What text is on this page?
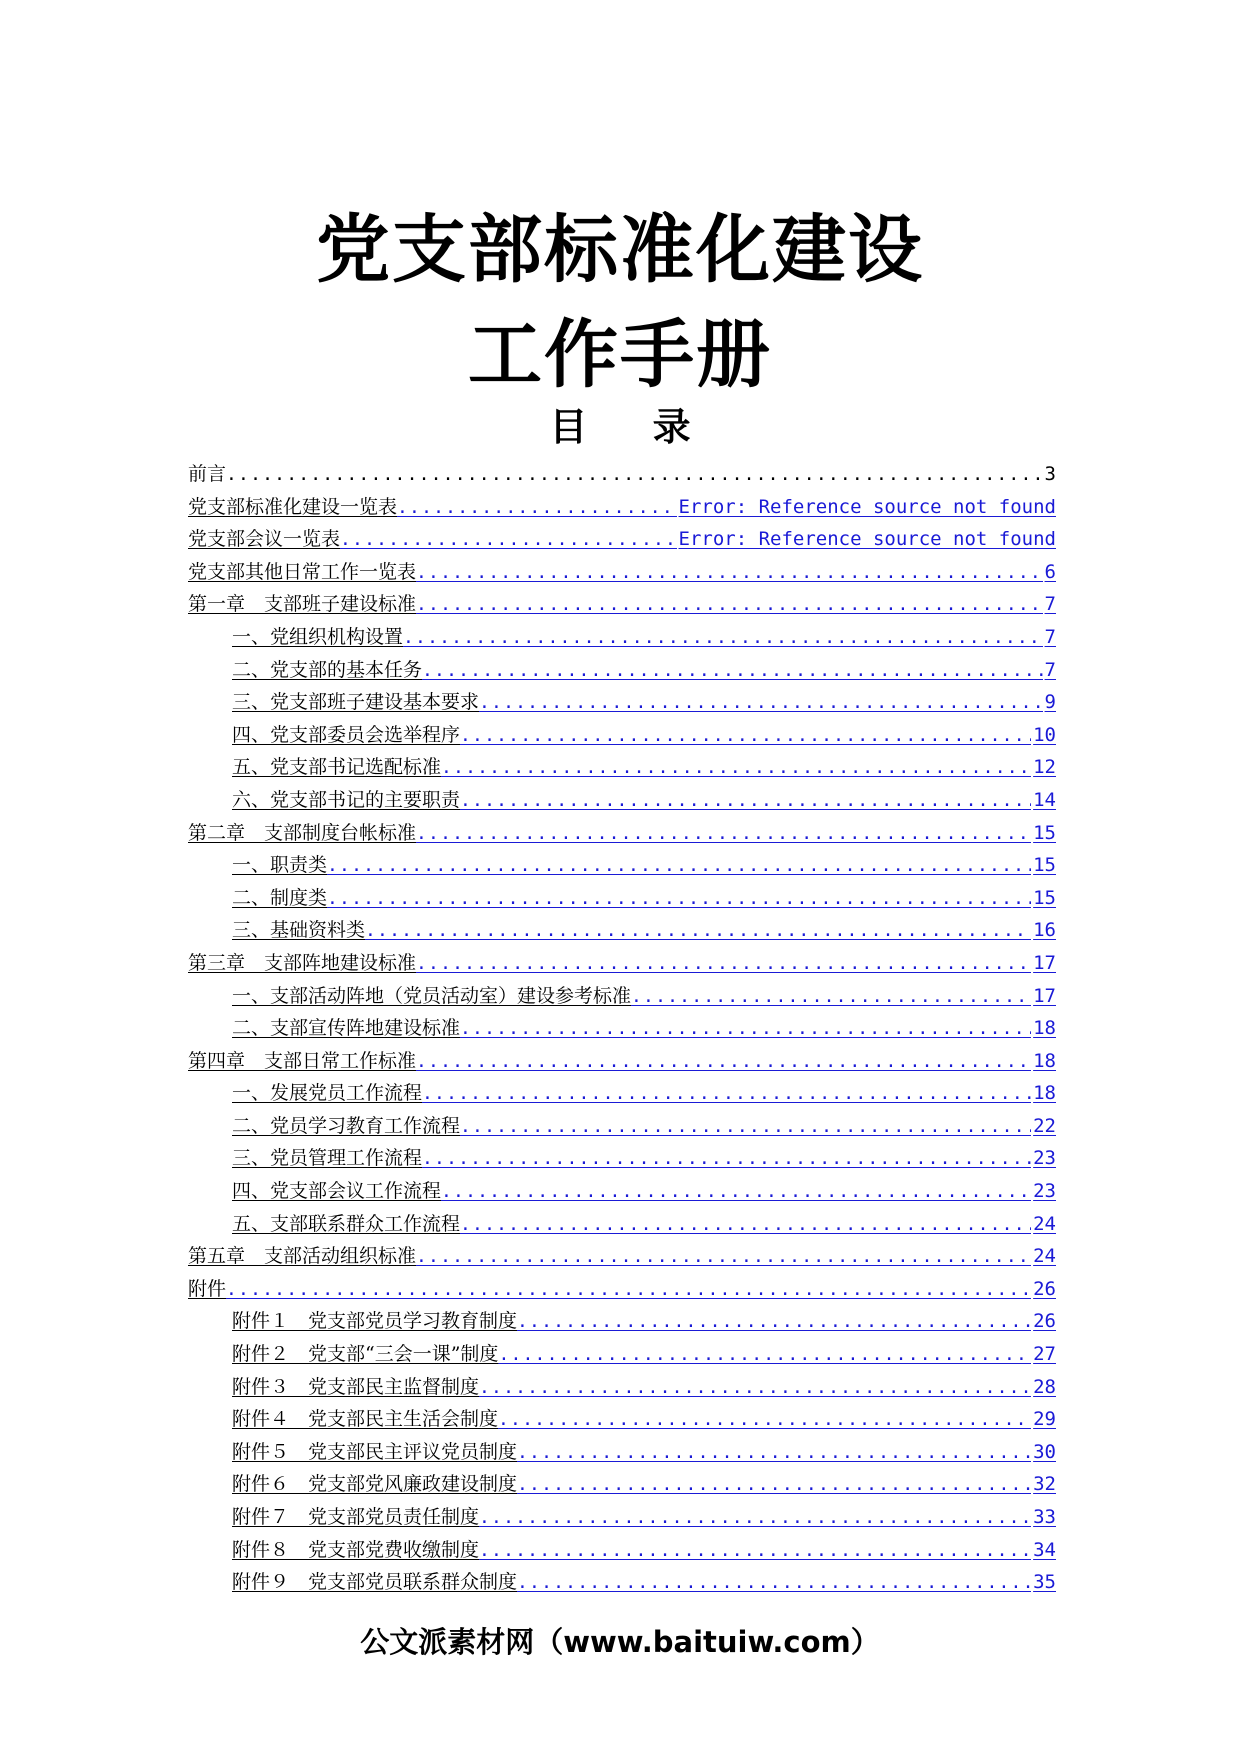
党支部标准化建设
工作手册
目 录
前言 .....	3
党支部标准化建设一览表 .....	Error: Reference source not found
党支部会议一览表 .....	Error: Reference source not found
党支部其他日常工作一览表 .....	6
第一章　支部班子建设标准 .....	7
一、党组织机构设置 .....	7
二、党支部的基本任务 .....	7
三、党支部班子建设基本要求 .....	9
四、党支部委员会选举程序 .....	10
五、党支部书记选配标准 .....	12
六、党支部书记的主要职责 .....	14
第二章　支部制度台帐标准 .....	15
一、职责类 .....	15
二、制度类 .....	15
三、基础资料类 .....	16
第三章　支部阵地建设标准 .....	17
一、支部活动阵地（党员活动室）建设参考标准 .....	17
二、支部宣传阵地建设标准 .....	18
第四章　支部日常工作标准 .....	18
一、发展党员工作流程 .....	18
二、党员学习教育工作流程 .....	22
三、党员管理工作流程 .....	23
四、党支部会议工作流程 .....	23
五、支部联系群众工作流程 .....	24
第五章　支部活动组织标准 .....	24
附件 .....	26
附件１　党支部党员学习教育制度 .....	26
附件２　党支部“三会一课”制度 .....	27
附件３　党支部民主监督制度 .....	28
附件４　党支部民主生活会制度 .....	29
附件５　党支部民主评议党员制度 .....	30
附件６　党支部党风廉政建设制度 .....	32
附件７　党支部党员责任制度 .....	33
附件８　党支部党费收缴制度 .....	34
附件９　党支部党员联系群众制度 .....	35
公文派素材网（www.baituiw.com）
